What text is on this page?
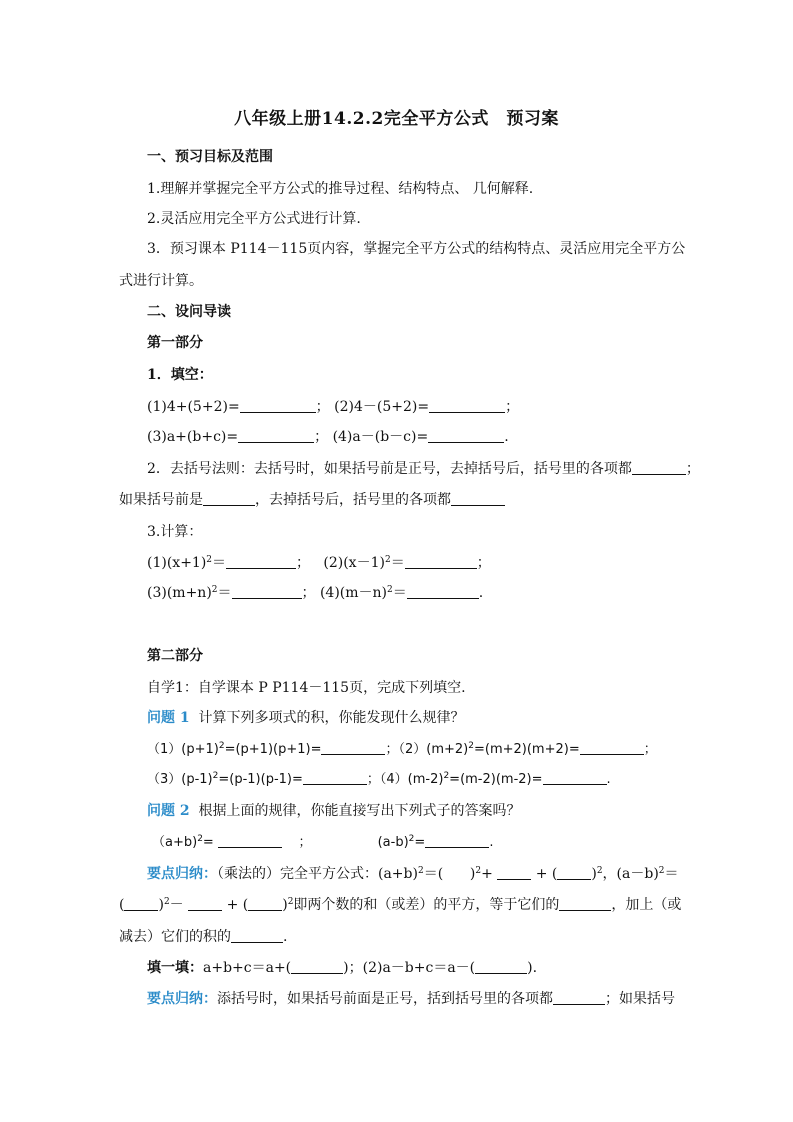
八年级上册14.2.2完全平方公式　预习案
一、预习目标及范围
1.理解并掌握完全平方公式的推导过程、结构特点、 几何解释.
2.灵活应用完全平方公式进行计算.
3．预习课本 P114－115页内容，掌握完全平方公式的结构特点、灵活应用完全平方公
式进行计算。
二、设问导读
第一部分
1．填空：
(1)4+(5+2)=	； (2)4－(5+2)=	；
(3)a+(b+c)=	； (4)a－(b－c)=	.
2．去括号法则：去括号时，如果括号前是正号，去掉括号后，括号里的各项都	；
如果括号前是	，去掉括号后，括号里的各项都
3.计算：
$(1)(x+1)^2=$	；   $(2)(x-1)^2=$	；
$(3)(m+n)^2=$	； $(4)(m-n)^2=$	.
第二部分
自学1：自学课本 P P114－115页，完成下列填空.
问题 1 计算下列多项式的积，你能发现什么规律？
$(1)(p+1)^2=(p+1)(p+1)=$	；$(2)(m+2)^2=(m+2)(m+2)=$	；
$(3)(p-1)^2=(p-1)(p-1)=$	；$(4)(m-2)^2=(m-2)(m-2)=$	.
问题 2 根据上面的规律，你能直接写出下列式子的答案吗？
（a+b)$^2$=	；                $(a-b)^2=$	.
要点归纳：（乘法的）完全平方公式：$(a+b)^2=$(      )$^2$+  + ( )$^2$，$(a-b)^2=$
( )$^2$－  + ( )$^2$即两个数的和（或差）的平方，等于它们的	，加上（或
减去）它们的积的	.
填一填：a+b+c＝a+(	)；(2)a－b+c＝a－(	).
要点归纳：添括号时，如果括号前面是正号，括到括号里的各项都	；如果括号
